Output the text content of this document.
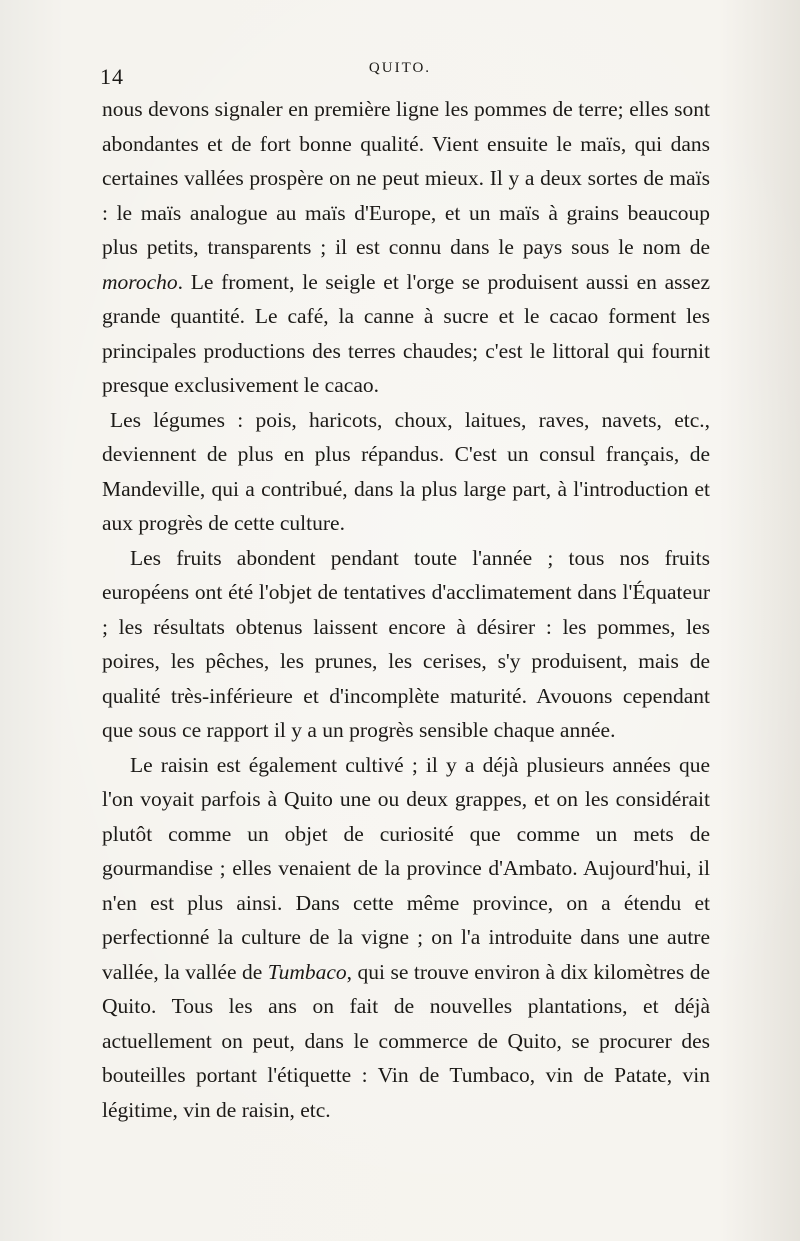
14	QUITO.

nous devons signaler en première ligne les pommes de terre; elles sont abondantes et de fort bonne qualité. Vient ensuite le maïs, qui dans certaines vallées prospère on ne peut mieux. Il y a deux sortes de maïs : le maïs analogue au maïs d'Europe, et un maïs à grains beaucoup plus petits, transparents ; il est connu dans le pays sous le nom de morocho. Le froment, le seigle et l'orge se produisent aussi en assez grande quantité. Le café, la canne à sucre et le cacao forment les principales productions des terres chaudes; c'est le littoral qui fournit presque exclusivement le cacao.

Les légumes : pois, haricots, choux, laitues, raves, navets, etc., deviennent de plus en plus répandus. C'est un consul français, de Mandeville, qui a contribué, dans la plus large part, à l'introduction et aux progrès de cette culture.

Les fruits abondent pendant toute l'année ; tous nos fruits européens ont été l'objet de tentatives d'acclimatement dans l'Équateur ; les résultats obtenus laissent encore à désirer : les pommes, les poires, les pêches, les prunes, les cerises, s'y produisent, mais de qualité très-inférieure et d'incomplète maturité. Avouons cependant que sous ce rapport il y a un progrès sensible chaque année.

Le raisin est également cultivé ; il y a déjà plusieurs années que l'on voyait parfois à Quito une ou deux grappes, et on les considérait plutôt comme un objet de curiosité que comme un mets de gourmandise ; elles venaient de la province d'Ambato. Aujourd'hui, il n'en est plus ainsi. Dans cette même province, on a étendu et perfectionné la culture de la vigne ; on l'a introduite dans une autre vallée, la vallée de Tumbaco, qui se trouve environ à dix kilomètres de Quito. Tous les ans on fait de nouvelles plantations, et déjà actuellement on peut, dans le commerce de Quito, se procurer des bouteilles portant l'étiquette : Vin de Tumbaco, vin de Patate, vin légitime, vin de raisin, etc.
